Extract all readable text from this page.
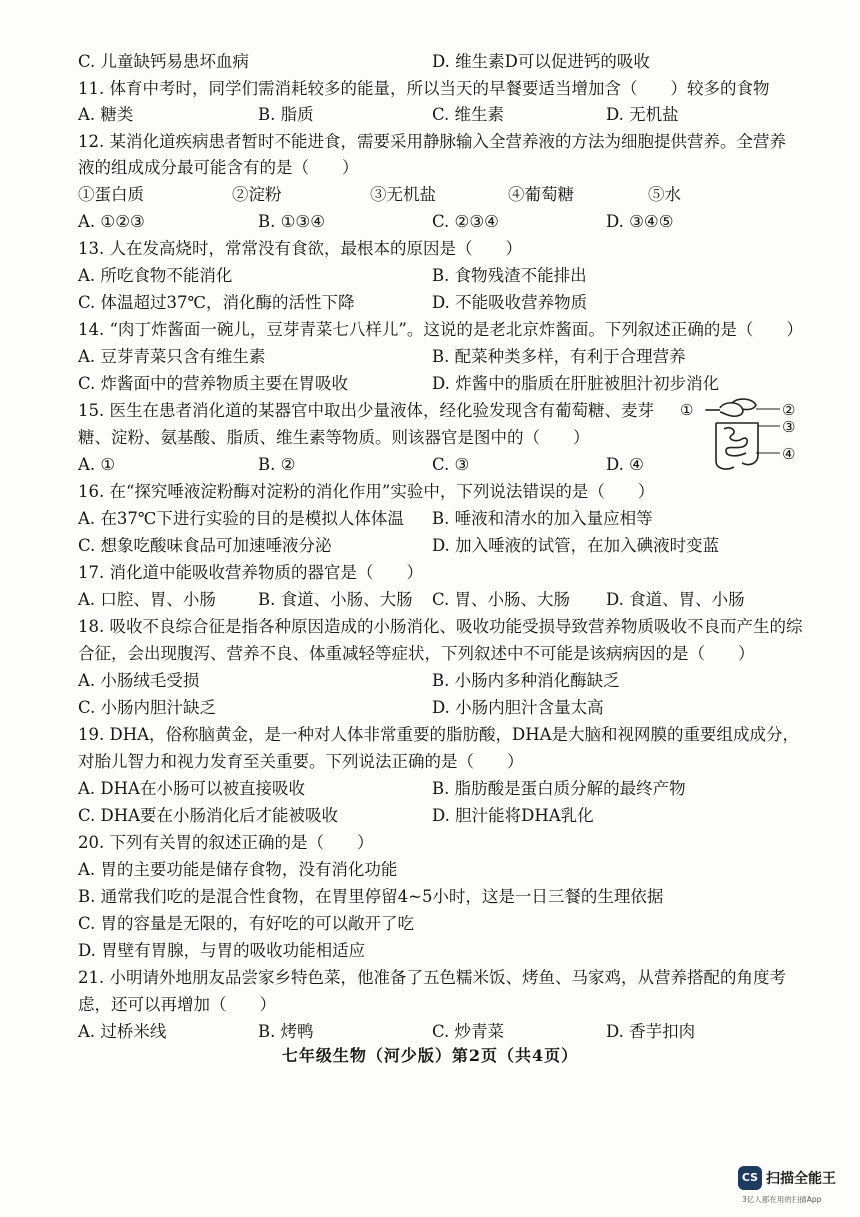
C. 儿童缺钙易患坏血病	D. 维生素D可以促进钙的吸收
11. 体育中考时，同学们需消耗较多的能量，所以当天的早餐要适当增加含（　　）较多的食物
A. 糖类	B. 脂质	C. 维生素	D. 无机盐
12. 某消化道疾病患者暂时不能进食，需要采用静脉输入全营养液的方法为细胞提供营养。全营养
液的组成成分最可能含有的是（　　）
①蛋白质	②淀粉	③无机盐	④葡萄糖	⑤水
A. ①②③	B. ①③④	C. ②③④	D. ③④⑤
13. 人在发高烧时，常常没有食欲，最根本的原因是（　　）
A. 所吃食物不能消化	B. 食物残渣不能排出
C. 体温超过37℃，消化酶的活性下降	D. 不能吸收营养物质
14. “肉丁炸酱面一碗儿，豆芽青菜七八样儿”。这说的是老北京炸酱面。下列叙述正确的是（　　）
A. 豆芽青菜只含有维生素	B. 配菜种类多样，有利于合理营养
C. 炸酱面中的营养物质主要在胃吸收	D. 炸酱中的脂质在肝脏被胆汁初步消化
15. 医生在患者消化道的某器官中取出少量液体，经化验发现含有葡萄糖、麦芽
糖、淀粉、氨基酸、脂质、维生素等物质。则该器官是图中的（　　）
A. ①	B. ②	C. ③	D. ④
①	②
③
④
16. 在“探究唾液淀粉酶对淀粉的消化作用”实验中，下列说法错误的是（　　）
A. 在37℃下进行实验的目的是模拟人体体温 B. 唾液和清水的加入量应相等
C. 想象吃酸味食品可加速唾液分泌	D. 加入唾液的试管，在加入碘液时变蓝
17. 消化道中能吸收营养物质的器官是（　　）
A. 口腔、胃、小肠	B. 食道、小肠、大肠 C. 胃、小肠、大肠 D. 食道、胃、小肠
18. 吸收不良综合征是指各种原因造成的小肠消化、吸收功能受损导致营养物质吸收不良而产生的综
合征，会出现腹泻、营养不良、体重减轻等症状，下列叙述中不可能是该病病因的是（　　）
A. 小肠绒毛受损	B. 小肠内多种消化酶缺乏
C. 小肠内胆汁缺乏	D. 小肠内胆汁含量太高
19. DHA，俗称脑黄金，是一种对人体非常重要的脂肪酸，DHA是大脑和视网膜的重要组成成分，
对胎儿智力和视力发育至关重要。下列说法正确的是（　　）
A. DHA在小肠可以被直接吸收	B. 脂肪酸是蛋白质分解的最终产物
C. DHA要在小肠消化后才能被吸收	D. 胆汁能将DHA乳化
20. 下列有关胃的叙述正确的是（　　）
A. 胃的主要功能是储存食物，没有消化功能
B. 通常我们吃的是混合性食物，在胃里停留4~5小时，这是一日三餐的生理依据
C. 胃的容量是无限的，有好吃的可以敞开了吃
D. 胃壁有胃腺，与胃的吸收功能相适应
21. 小明请外地朋友品尝家乡特色菜，他准备了五色糯米饭、烤鱼、马家鸡，从营养搭配的角度考
虑，还可以再增加（　　）
A. 过桥米线	B. 烤鸭	C. 炒青菜	D. 香芋扣肉
七年级生物（河少版）第2页（共4页）
CS 扫描全能王
3亿人都在用的扫描App
